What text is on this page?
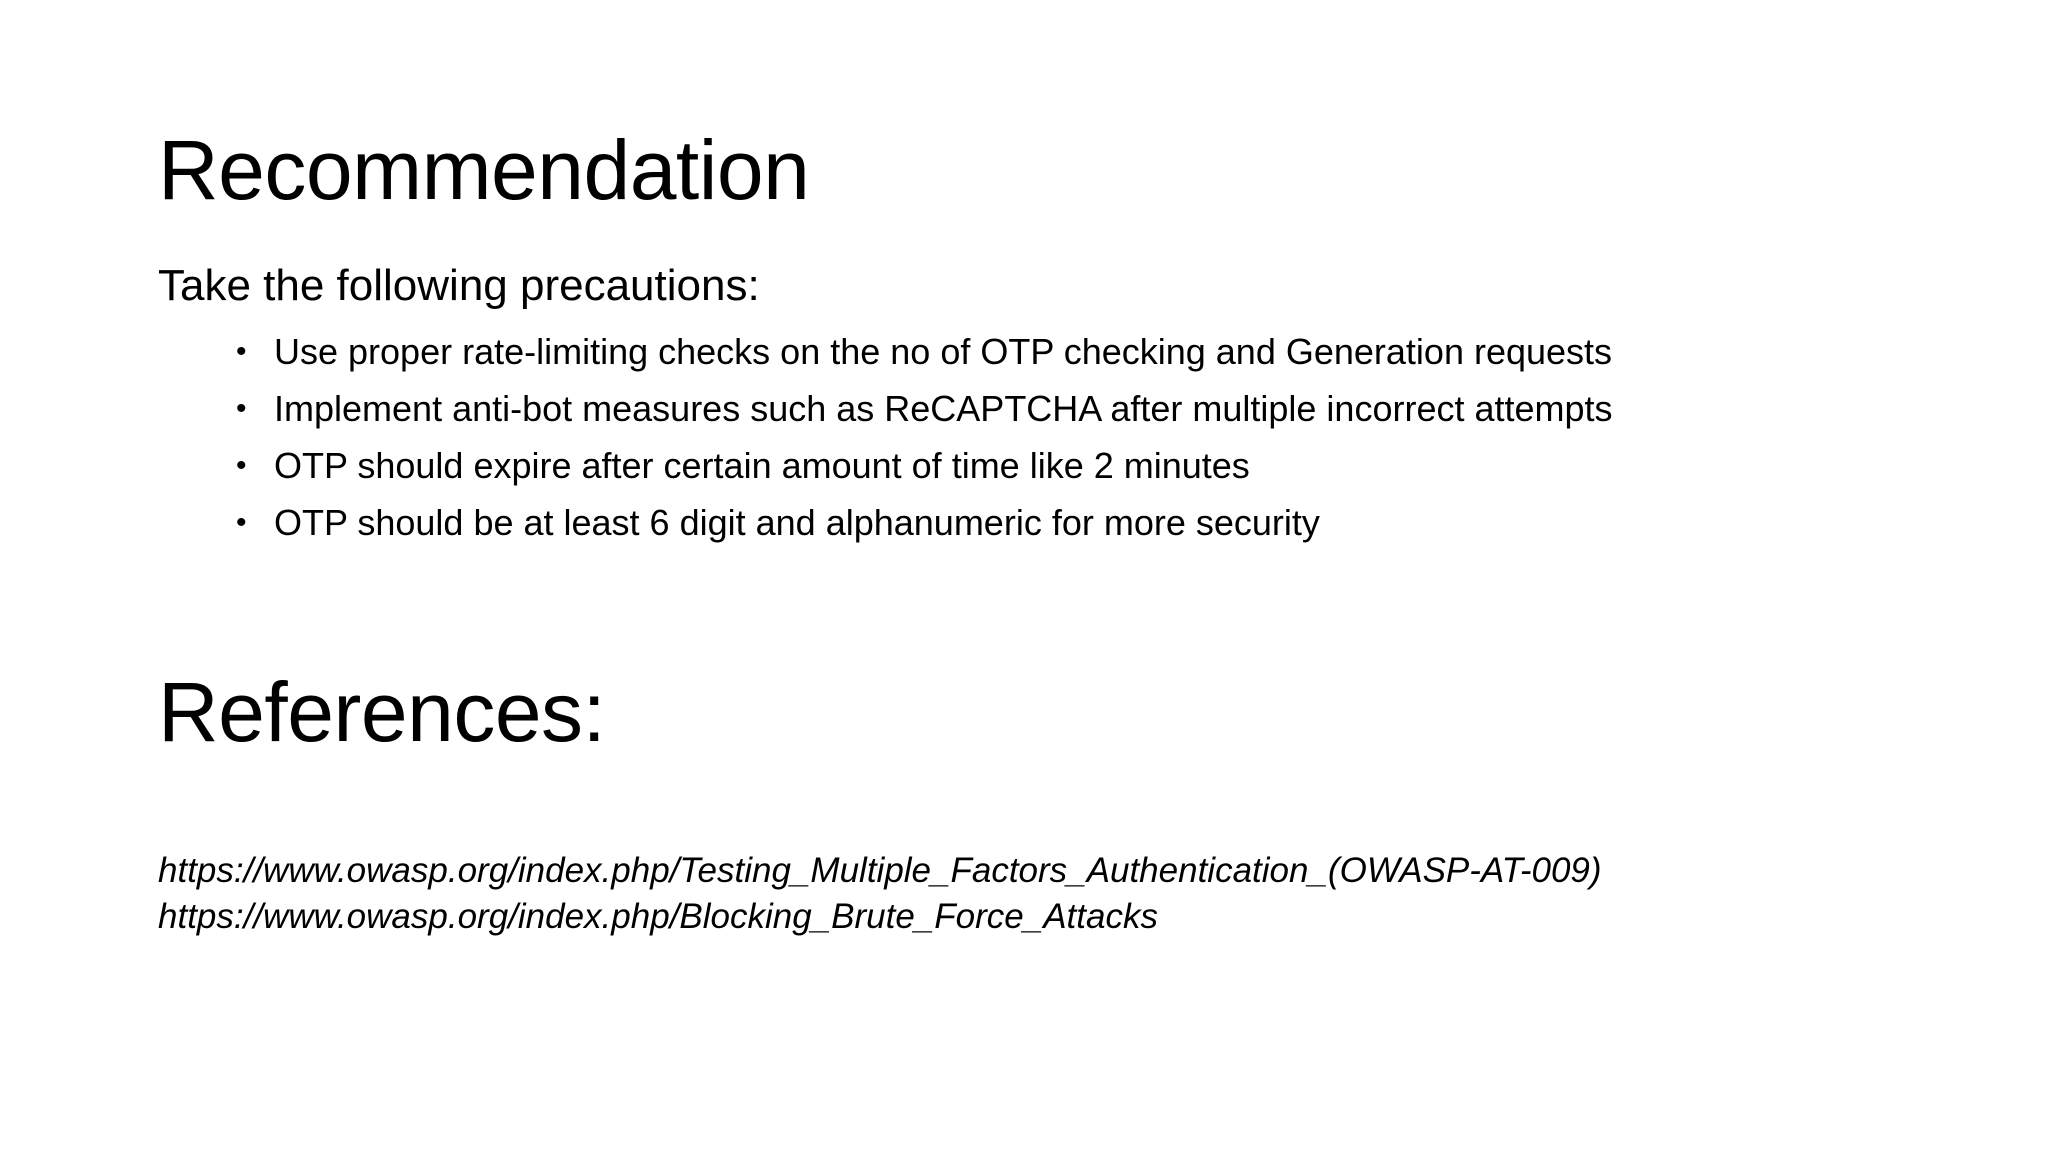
Recommendation

Take the following precautions:

• Use proper rate-limiting checks on the no of OTP checking and Generation requests
• Implement anti-bot measures such as ReCAPTCHA after multiple incorrect attempts
• OTP should expire after certain amount of time like 2 minutes
• OTP should be at least 6 digit and alphanumeric for more security
References:
https://www.owasp.org/index.php/Testing_Multiple_Factors_Authentication_(OWASP-AT-009)
https://www.owasp.org/index.php/Blocking_Brute_Force_Attacks
